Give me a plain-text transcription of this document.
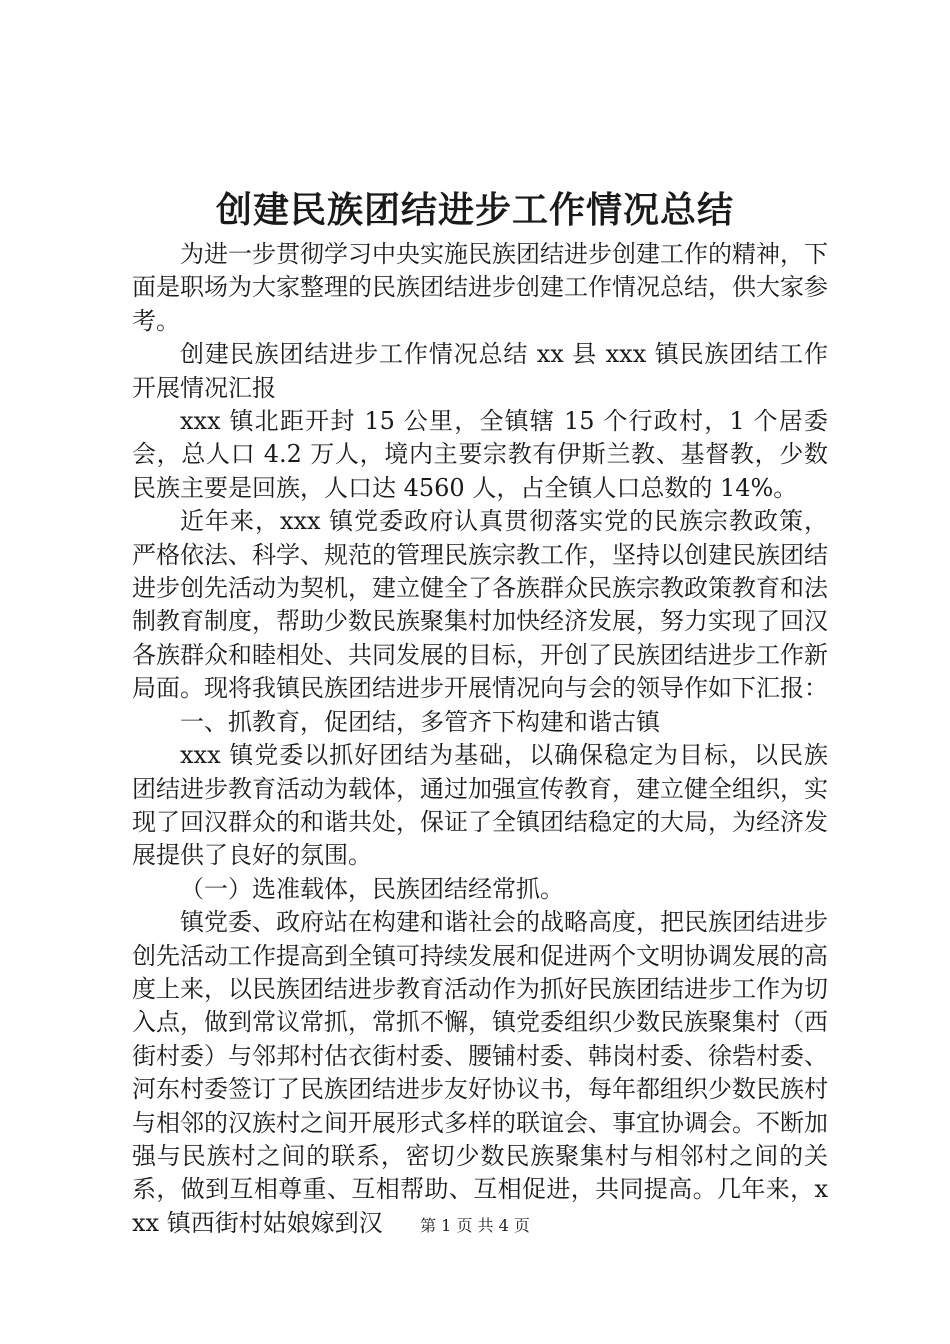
创建民族团结进步工作情况总结

为进一步贯彻学习中央实施民族团结进步创建工作的精神，下面是职场为大家整理的民族团结进步创建工作情况总结，供大家参考。

创建民族团结进步工作情况总结 xx 县 xxx 镇民族团结工作开展情况汇报

xxx 镇北距开封 15 公里，全镇辖 15 个行政村，1 个居委会，总人口 4.2 万人，境内主要宗教有伊斯兰教、基督教，少数民族主要是回族，人口达 4560 人，占全镇人口总数的 14%。

近年来，xxx 镇党委政府认真贯彻落实党的民族宗教政策，严格依法、科学、规范的管理民族宗教工作，坚持以创建民族团结进步创先活动为契机，建立健全了各族群众民族宗教政策教育和法制教育制度，帮助少数民族聚集村加快经济发展，努力实现了回汉各族群众和睦相处、共同发展的目标，开创了民族团结进步工作新局面。现将我镇民族团结进步开展情况向与会的领导作如下汇报：

一、抓教育，促团结，多管齐下构建和谐古镇

xxx 镇党委以抓好团结为基础，以确保稳定为目标，以民族团结进步教育活动为载体，通过加强宣传教育，建立健全组织，实现了回汉群众的和谐共处，保证了全镇团结稳定的大局，为经济发展提供了良好的氛围。

（一）选准载体，民族团结经常抓。

镇党委、政府站在构建和谐社会的战略高度，把民族团结进步创先活动工作提高到全镇可持续发展和促进两个文明协调发展的高度上来，以民族团结进步教育活动作为抓好民族团结进步工作为切入点，做到常议常抓，常抓不懈，镇党委组织少数民族聚集村（西街村委）与邻邦村估衣街村委、腰铺村委、韩岗村委、徐砦村委、河东村委签订了民族团结进步友好协议书，每年都组织少数民族村与相邻的汉族村之间开展形式多样的联谊会、事宜协调会。不断加强与民族村之间的联系，密切少数民族聚集村与相邻村之间的关系，做到互相尊重、互相帮助、互相促进，共同提高。几年来，xxx 镇西街村姑娘嫁到汉	第 1 页 共 4 页
